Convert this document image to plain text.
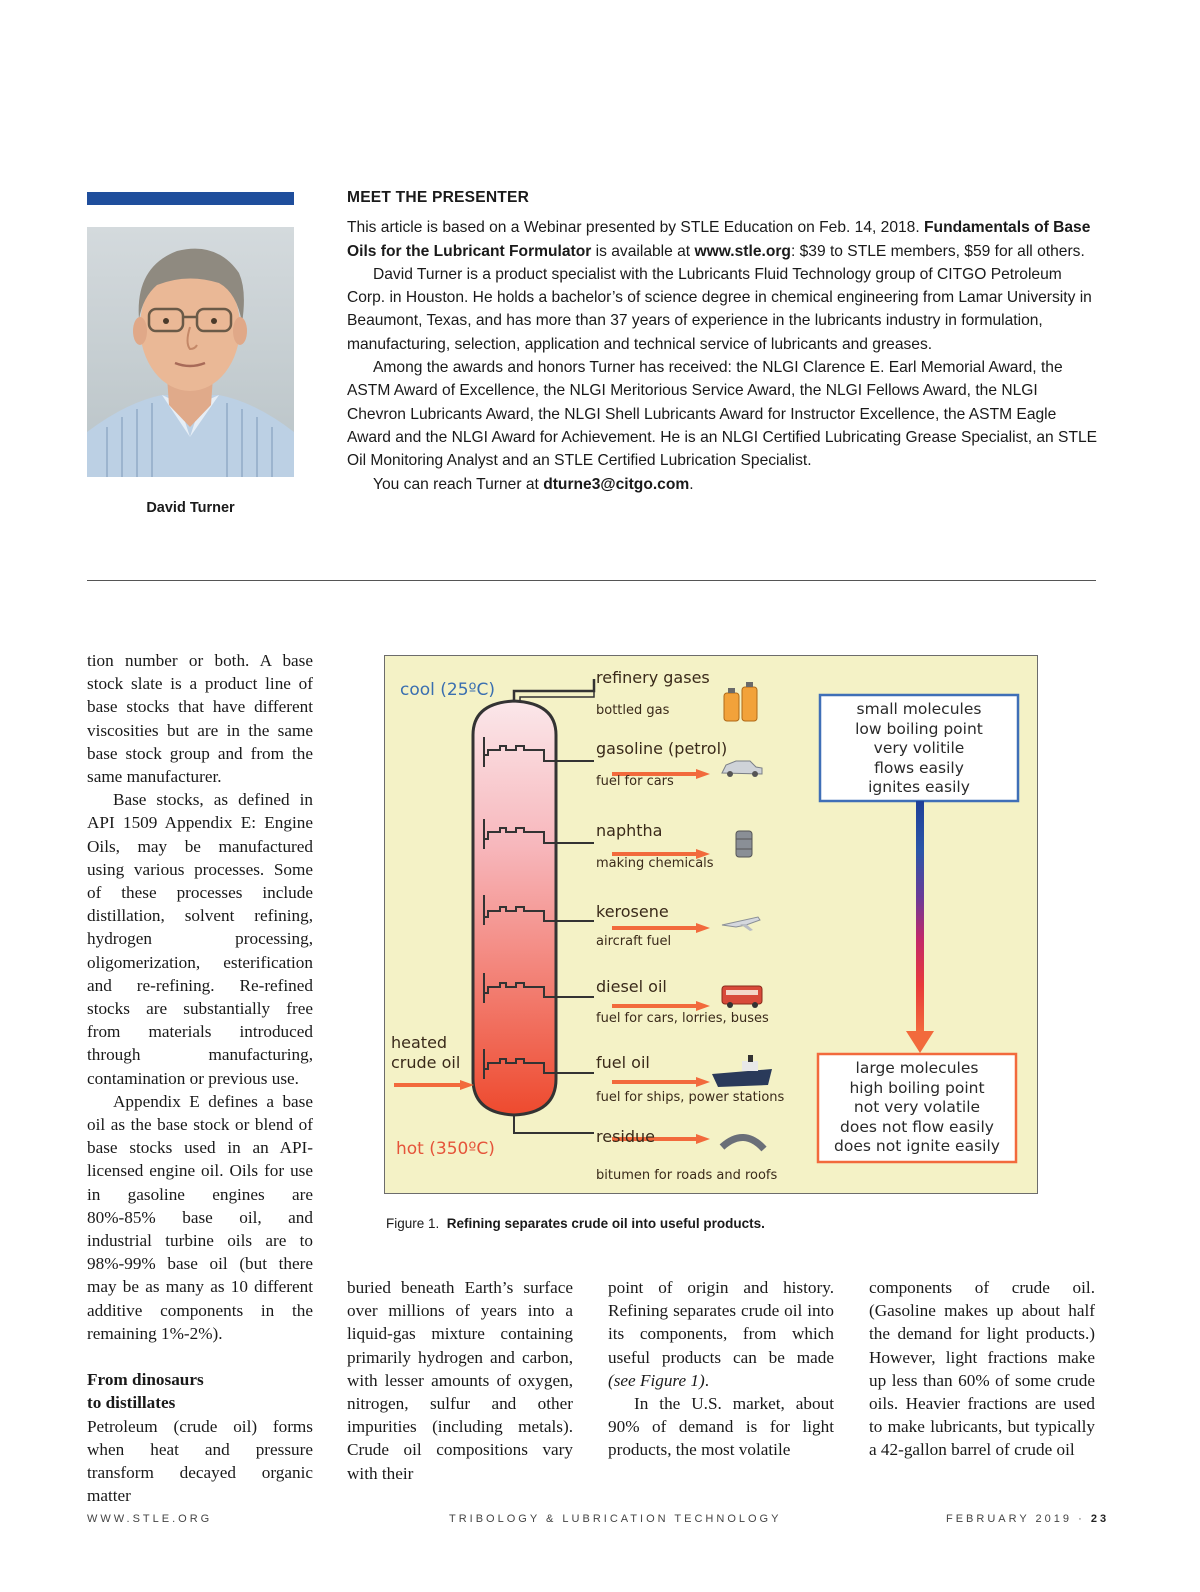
David Turner
MEET THE PRESENTER

This article is based on a Webinar presented by STLE Education on Feb. 14, 2018. Fundamentals of Base Oils for the Lubricant Formulator is available at www.stle.org: $39 to STLE members, $59 for all others.

David Turner is a product specialist with the Lubricants Fluid Technology group of CITGO Petroleum Corp. in Houston. He holds a bachelor’s of science degree in chemical engineering from Lamar University in Beaumont, Texas, and has more than 37 years of experience in the lubricants industry in formulation, manufacturing, selection, application and technical service of lubricants and greases.

Among the awards and honors Turner has received: the NLGI Clarence E. Earl Memorial Award, the ASTM Award of Excellence, the NLGI Meritorious Service Award, the NLGI Fellows Award, the NLGI Chevron Lubricants Award, the NLGI Shell Lubricants Award for Instructor Excellence, the ASTM Eagle Award and the NLGI Award for Achievement. He is an NLGI Certified Lubricating Grease Specialist, an STLE Oil Monitoring Analyst and an STLE Certified Lubrication Specialist.

You can reach Turner at dturne3@citgo.com.

tion number or both. A base stock slate is a product line of base stocks that have different viscosities but are in the same base stock group and from the same manufacturer.

Base stocks, as defined in API 1509 Appendix E: Engine Oils, may be manufactured using various processes. Some of these processes include distillation, solvent refining, hydrogen processing, oligomerization, esterification and re-refining. Re-refined stocks are substantially free from materials introduced through manufacturing, contamination or previous use.

Appendix E defines a base oil as the base stock or blend of base stocks used in an API-licensed engine oil. Oils for use in gasoline engines are 80%-85% base oil, and industrial turbine oils are to 98%-99% base oil (but there may be as many as 10 different additive components in the remaining 1%-2%).

From dinosaurs

to distillates

Petroleum (crude oil) forms when heat and pressure transform decayed organic matter

buried beneath Earth’s surface over millions of years into a liquid-gas mixture containing primarily hydrogen and carbon, with lesser amounts of oxygen, nitrogen, sulfur and other impurities (including metals). Crude oil compositions vary with their

point of origin and history. Refining separates crude oil into its components, from which useful products can be made (see Figure 1).

In the U.S. market, about 90% of demand is for light products, the most volatile

components of crude oil. (Gasoline makes up about half the demand for light products.) However, light fractions make up less than 60% of some crude oils. Heavier fractions are used to make lubricants, but typically a 42-gallon barrel of crude oil

cool (25ºC)
hot (350ºC)
heated
crude oil
refinery gases
bottled gas
gasoline (petrol)
fuel for cars
naphtha
making chemicals
kerosene
aircraft fuel
diesel oil
fuel for cars, lorries, buses
fuel oil
fuel for ships, power stations
residue
bitumen for roads and roofs
small molecules
low boiling point
very volitile
flows easily
ignites easily
large molecules
high boiling point
not very volatile
does not flow easily
does not ignite easily
Figure 1. Refining separates crude oil into useful products.
WWW.STLE.ORG	TRIBOLOGY & LUBRICATION TECHNOLOGY	FEBRUARY 2019 · 23
